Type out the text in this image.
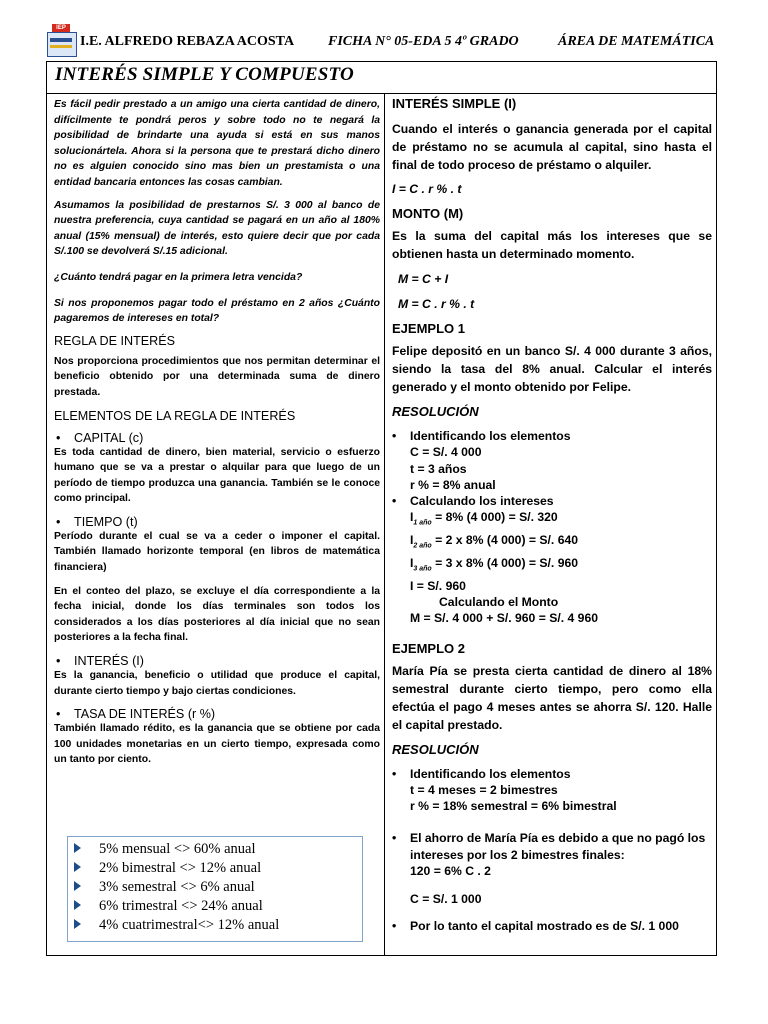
IEP
I.E. ALFREDO REBAZA ACOSTA FICHA N° 05-EDA 5 4º GRADO	ÁREA DE MATEMÁTICA
INTERÉS SIMPLE Y COMPUESTO

Es fácil pedir prestado a un amigo una cierta cantidad de dinero, difícilmente te pondrá peros y sobre todo no te negará la posibilidad de brindarte una ayuda si está en sus manos solucionártela. Ahora si la persona que te prestará dicho dinero no es alguien conocido sino mas bien un prestamista o una entidad bancaria entonces las cosas cambian.

Asumamos la posibilidad de prestarnos S/. 3 000 al banco de nuestra preferencia, cuya cantidad se pagará en un año al 180% anual (15% mensual) de interés, esto quiere decir que por cada S/.100 se devolverá S/.15 adicional.

¿Cuánto tendrá pagar en la primera letra vencida?

Si nos proponemos pagar todo el préstamo en 2 años ¿Cuánto pagaremos de intereses en total?

REGLA DE INTERÉS

Nos proporciona procedimientos que nos permitan determinar el beneficio obtenido por una determinada suma de dinero prestada.

ELEMENTOS DE LA REGLA DE INTERÉS

• CAPITAL (c)

Es toda cantidad de dinero, bien material, servicio o esfuerzo humano que se va a prestar o alquilar para que luego de un período de tiempo produzca una ganancia. También se le conoce como principal.

• TIEMPO (t)

Período durante el cual se va a ceder o imponer el capital. También llamado horizonte temporal (en libros de matemática financiera)

En el conteo del plazo, se excluye el día correspondiente a la fecha inicial, donde los días terminales son todos los considerados a los días posteriores al día inicial que no sean posteriores a la fecha final.

• INTERÉS (I)

Es la ganancia, beneficio o utilidad que produce el capital, durante cierto tiempo y bajo ciertas condiciones.

• TASA DE INTERÉS (r %)

También llamado rédito, es la ganancia que se obtiene por cada 100 unidades monetarias en un cierto tiempo, expresada como un tanto por ciento.

5% mensual <> 60% anual
2% bimestral <> 12% anual
3% semestral <> 6% anual
6% trimestral <> 24% anual
4% cuatrimestral<> 12% anual

INTERÉS SIMPLE (I)

Cuando el interés o ganancia generada por el capital de préstamo no se acumula al capital, sino hasta el final de todo proceso de préstamo o alquiler.

I = C . r % . t

MONTO (M)

Es la suma del capital más los intereses que se obtienen hasta un determinado momento.

M = C + I

M = C . r % . t

EJEMPLO 1

Felipe depositó en un banco S/. 4 000 durante 3 años, siendo la tasa del 8% anual. Calcular el interés generado y el monto obtenido por Felipe.

RESOLUCIÓN

• Identificando los elementos
C = S/. 4 000
t = 3 años
r % = 8% anual
• Calculando los intereses
$I_{1 año} = 8\%$ (4 000) = S/. 320
$I_{2 año} = 2$ x 8% (4 000) = S/. 640
$I_{3 año} = 3$ x 8% (4 000) = S/. 960
I = S/. 960
Calculando el Monto
M = S/. 4 000 + S/. 960 = S/. 4 960

EJEMPLO 2

María Pía se presta cierta cantidad de dinero al 18% semestral durante cierto tiempo, pero como ella efectúa el pago 4 meses antes se ahorra S/. 120. Halle el capital prestado.

RESOLUCIÓN

• Identificando los elementos
t = 4 meses = 2 bimestres
r % = 18% semestral = 6% bimestral
• El ahorro de María Pía es debido a que no pagó los intereses por los 2 bimestres finales:
120 = 6% C . 2
C = S/. 1 000
• Por lo tanto el capital mostrado es de S/. 1 000
